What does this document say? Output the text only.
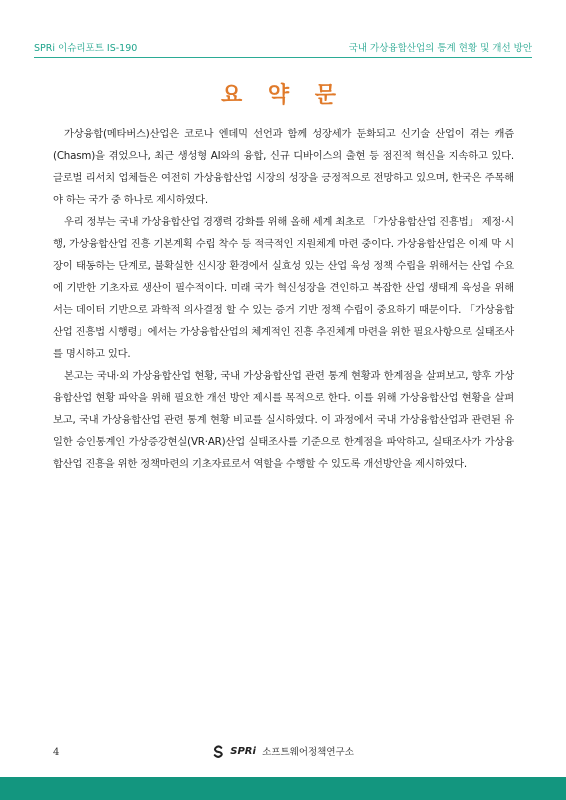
SPRi 이슈리포트 IS-190	국내 가상융합산업의 통계 현황 및 개선 방안
요 약 문

가상융합(메타버스)산업은 코로나 엔데믹 선언과 함께 성장세가 둔화되고 신기술 산업이 겪는 캐즘(Chasm)을 겪었으나, 최근 생성형 AI와의 융합, 신규 디바이스의 출현 등 점진적 혁신을 지속하고 있다. 글로벌 리서치 업체들은 여전히 가상융합산업 시장의 성장을 긍정적으로 전망하고 있으며, 한국은 주목해야 하는 국가 중 하나로 제시하였다.

우리 정부는 국내 가상융합산업 경쟁력 강화를 위해 올해 세계 최초로 「가상융합산업 진흥법」 제정·시행, 가상융합산업 진흥 기본계획 수립 착수 등 적극적인 지원체계 마련 중이다. 가상융합산업은 이제 막 시장이 태동하는 단계로, 불확실한 신시장 환경에서 실효성 있는 산업 육성 정책 수립을 위해서는 산업 수요에 기반한 기초자료 생산이 필수적이다. 미래 국가 혁신성장을 견인하고 복잡한 산업 생태계 육성을 위해서는 데이터 기반으로 과학적 의사결정 할 수 있는 증거 기반 정책 수립이 중요하기 때문이다. 「가상융합산업 진흥법 시행령」에서는 가상융합산업의 체계적인 진흥 추진체계 마련을 위한 필요사항으로 실태조사를 명시하고 있다.

본고는 국내·외 가상융합산업 현황, 국내 가상융합산업 관련 통계 현황과 한계점을 살펴보고, 향후 가상융합산업 현황 파악을 위해 필요한 개선 방안 제시를 목적으로 한다. 이를 위해 가상융합산업 현황을 살펴보고, 국내 가상융합산업 관련 통계 현황 비교를 실시하였다. 이 과정에서 국내 가상융합산업과 관련된 유일한 승인통계인 가상증강현실(VR·AR)산업 실태조사를 기준으로 한계점을 파악하고, 실태조사가 가상융합산업 진흥을 위한 정책마련의 기초자료로서 역할을 수행할 수 있도록 개선방안을 제시하였다.

4	SPRi 소프트웨어정책연구소
